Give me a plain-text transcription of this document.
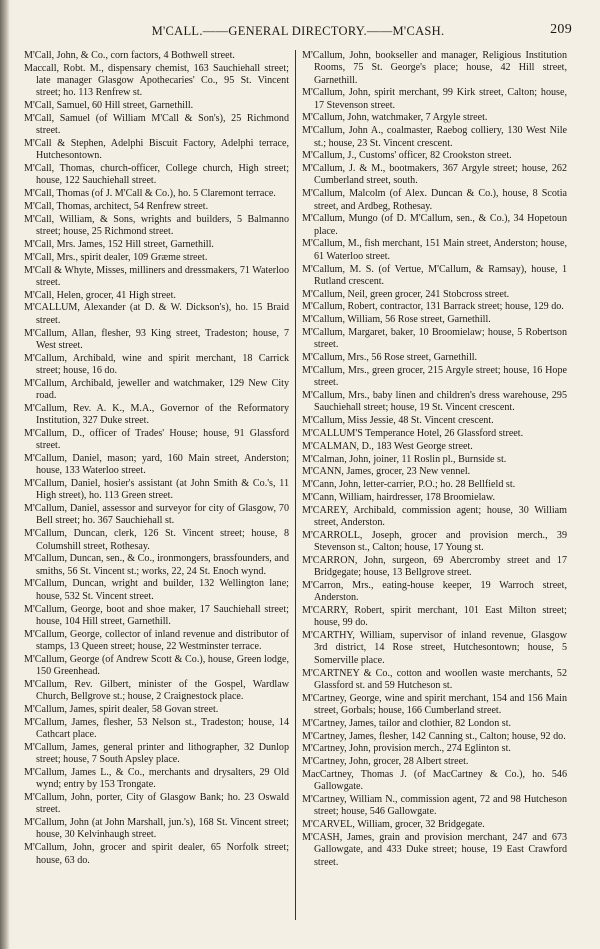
M'CALL.——GENERAL DIRECTORY.——M'CASH.	209

M'Call, John, & Co., corn factors, 4 Bothwell street.

Maccall, Robt. M., dispensary chemist, 163 Sauchiehall street; late manager Glasgow Apothecaries' Co., 95 St. Vincent street; ho. 113 Renfrew st.

M'Call, Samuel, 60 Hill street, Garnethill.

M'Call, Samuel (of William M'Call & Son's), 25 Richmond street.

M'Call & Stephen, Adelphi Biscuit Factory, Adelphi terrace, Hutchesontown.

M'Call, Thomas, church-officer, College church, High street; house, 122 Sauchiehall street.

M'Call, Thomas (of J. M'Call & Co.), ho. 5 Claremont terrace.

M'Call, Thomas, architect, 54 Renfrew street.

M'Call, William, & Sons, wrights and builders, 5 Balmanno street; house, 25 Richmond street.

M'Call, Mrs. James, 152 Hill street, Garnethill.

M'Call, Mrs., spirit dealer, 109 Græme street.

M'Call & Whyte, Misses, milliners and dressmakers, 71 Waterloo street.

M'Call, Helen, grocer, 41 High street.

M'CALLUM, Alexander (at D. & W. Dickson's), ho. 15 Braid street.

M'Callum, Allan, flesher, 93 King street, Tradeston; house, 7 West street.

M'Callum, Archibald, wine and spirit merchant, 18 Carrick street; house, 16 do.

M'Callum, Archibald, jeweller and watchmaker, 129 New City road.

M'Callum, Rev. A. K., M.A., Governor of the Reformatory Institution, 327 Duke street.

M'Callum, D., officer of Trades' House; house, 91 Glassford street.

M'Callum, Daniel, mason; yard, 160 Main street, Anderston; house, 133 Waterloo street.

M'Callum, Daniel, hosier's assistant (at John Smith & Co.'s, 11 High street), ho. 113 Green street.

M'Callum, Daniel, assessor and surveyor for city of Glasgow, 70 Bell street; ho. 367 Sauchiehall st.

M'Callum, Duncan, clerk, 126 St. Vincent street; house, 8 Columshill street, Rothesay.

M'Callum, Duncan, sen., & Co., ironmongers, brassfounders, and smiths, 56 St. Vincent st.; works, 22, 24 St. Enoch wynd.

M'Callum, Duncan, wright and builder, 132 Wellington lane; house, 532 St. Vincent street.

M'Callum, George, boot and shoe maker, 17 Sauchiehall street; house, 104 Hill street, Garnethill.

M'Callum, George, collector of inland revenue and distributor of stamps, 13 Queen street; house, 22 Westminster terrace.

M'Callum, George (of Andrew Scott & Co.), house, Green lodge, 150 Greenhead.

M'Callum, Rev. Gilbert, minister of the Gospel, Wardlaw Church, Bellgrove st.; house, 2 Craignestock place.

M'Callum, James, spirit dealer, 58 Govan street.

M'Callum, James, flesher, 53 Nelson st., Tradeston; house, 14 Cathcart place.

M'Callum, James, general printer and lithographer, 32 Dunlop street; house, 7 South Apsley place.

M'Callum, James L., & Co., merchants and drysalters, 29 Old wynd; entry by 153 Trongate.

M'Callum, John, porter, City of Glasgow Bank; ho. 23 Oswald street.

M'Callum, John (at John Marshall, jun.'s), 168 St. Vincent street; house, 30 Kelvinhaugh street.

M'Callum, John, grocer and spirit dealer, 65 Norfolk street; house, 63 do.

M'Callum, John, bookseller and manager, Religious Institution Rooms, 75 St. George's place; house, 42 Hill street, Garnethill.

M'Callum, John, spirit merchant, 99 Kirk street, Calton; house, 17 Stevenson street.

M'Callum, John, watchmaker, 7 Argyle street.

M'Callum, John A., coalmaster, Raebog colliery, 130 West Nile st.; house, 23 St. Vincent crescent.

M'Callum, J., Customs' officer, 82 Crookston street.

M'Callum, J. & M., bootmakers, 367 Argyle street; house, 262 Cumberland street, south.

M'Callum, Malcolm (of Alex. Duncan & Co.), house, 8 Scotia street, and Ardbeg, Rothesay.

M'Callum, Mungo (of D. M'Callum, sen., & Co.), 34 Hopetoun place.

M'Callum, M., fish merchant, 151 Main street, Anderston; house, 61 Waterloo street.

M'Callum, M. S. (of Vertue, M'Callum, & Ramsay), house, 1 Rutland crescent.

M'Callum, Neil, green grocer, 241 Stobcross street.

M'Callum, Robert, contractor, 131 Barrack street; house, 129 do.

M'Callum, William, 56 Rose street, Garnethill.

M'Callum, Margaret, baker, 10 Broomielaw; house, 5 Robertson street.

M'Callum, Mrs., 56 Rose street, Garnethill.

M'Callum, Mrs., green grocer, 215 Argyle street; house, 16 Hope street.

M'Callum, Mrs., baby linen and children's dress warehouse, 295 Sauchiehall street; house, 19 St. Vincent crescent.

M'Callum, Miss Jessie, 48 St. Vincent crescent.

M'CALLUM'S Temperance Hotel, 26 Glassford street.

M'CALMAN, D., 183 West George street.

M'Calman, John, joiner, 11 Roslin pl., Burnside st.

M'CANN, James, grocer, 23 New vennel.

M'Cann, John, letter-carrier, P.O.; ho. 28 Bellfield st.

M'Cann, William, hairdresser, 178 Broomielaw.

M'CAREY, Archibald, commission agent; house, 30 William street, Anderston.

M'CARROLL, Joseph, grocer and provision merch., 39 Stevenson st., Calton; house, 17 Young st.

M'CARRON, John, surgeon, 69 Abercromby street and 17 Bridgegate; house, 13 Bellgrove street.

M'Carron, Mrs., eating-house keeper, 19 Warroch street, Anderston.

M'CARRY, Robert, spirit merchant, 101 East Milton street; house, 99 do.

M'CARTHY, William, supervisor of inland revenue, Glasgow 3rd district, 14 Rose street, Hutchesontown; house, 5 Somerville place.

M'CARTNEY & Co., cotton and woollen waste merchants, 52 Glassford st. and 59 Hutcheson st.

M'Cartney, George, wine and spirit merchant, 154 and 156 Main street, Gorbals; house, 166 Cumberland street.

M'Cartney, James, tailor and clothier, 82 London st.

M'Cartney, James, flesher, 142 Canning st., Calton; house, 92 do.

M'Cartney, John, provision merch., 274 Eglinton st.

M'Cartney, John, grocer, 28 Albert street.

MacCartney, Thomas J. (of MacCartney & Co.), ho. 546 Gallowgate.

M'Cartney, William N., commission agent, 72 and 98 Hutcheson street; house, 546 Gallowgate.

M'CARVEL, William, grocer, 32 Bridgegate.

M'CASH, James, grain and provision merchant, 247 and 673 Gallowgate, and 433 Duke street; house, 19 East Crawford street.
